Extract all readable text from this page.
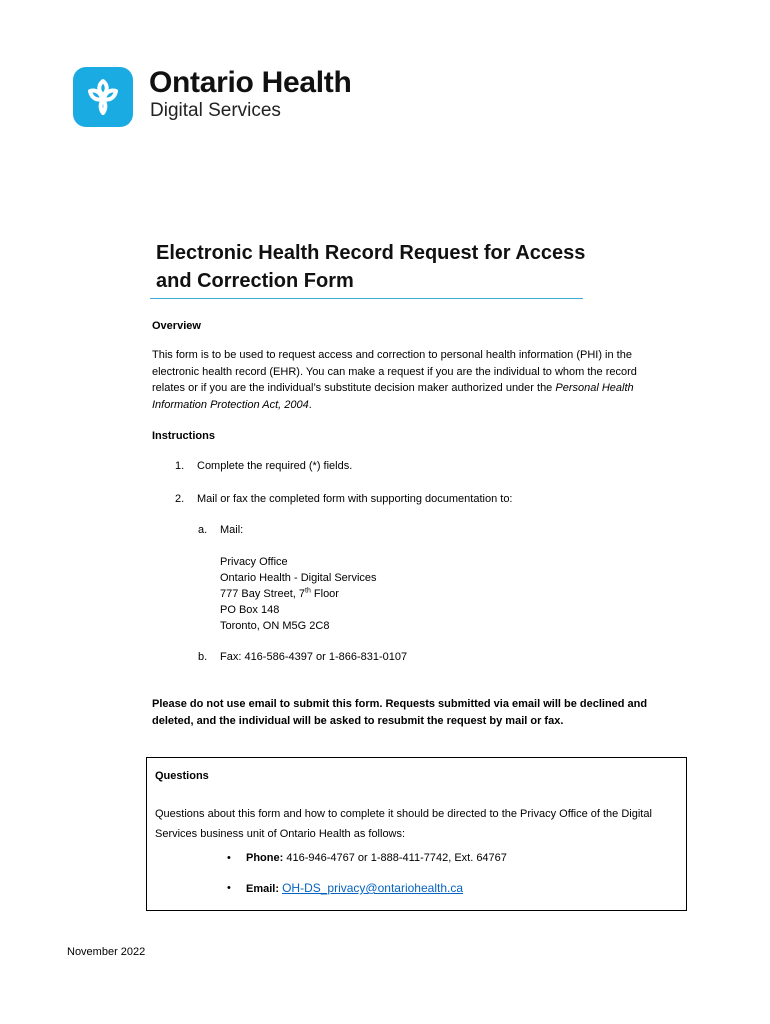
Ontario Health
Digital Services
Electronic Health Record Request for Access and Correction Form
Overview
This form is to be used to request access and correction to personal health information (PHI) in the electronic health record (EHR). You can make a request if you are the individual to whom the record relates or if you are the individual’s substitute decision maker authorized under the Personal Health Information Protection Act, 2004.
Instructions
1.	Complete the required (*) fields.
2.	Mail or fax the completed form with supporting documentation to:
a.	Mail:
Privacy Office
Ontario Health - Digital Services
777 Bay Street, 7th Floor
PO Box 148
Toronto, ON M5G 2C8
b.	Fax: 416-586-4397 or 1-866-831-0107
Please do not use email to submit this form. Requests submitted via email will be declined and deleted, and the individual will be asked to resubmit the request by mail or fax.
Questions
Questions about this form and how to complete it should be directed to the Privacy Office of the Digital Services business unit of Ontario Health as follows:
• Phone: 416-946-4767 or 1-888-411-7742, Ext. 64767
• Email: OH-DS_privacy@ontariohealth.ca
November 2022
